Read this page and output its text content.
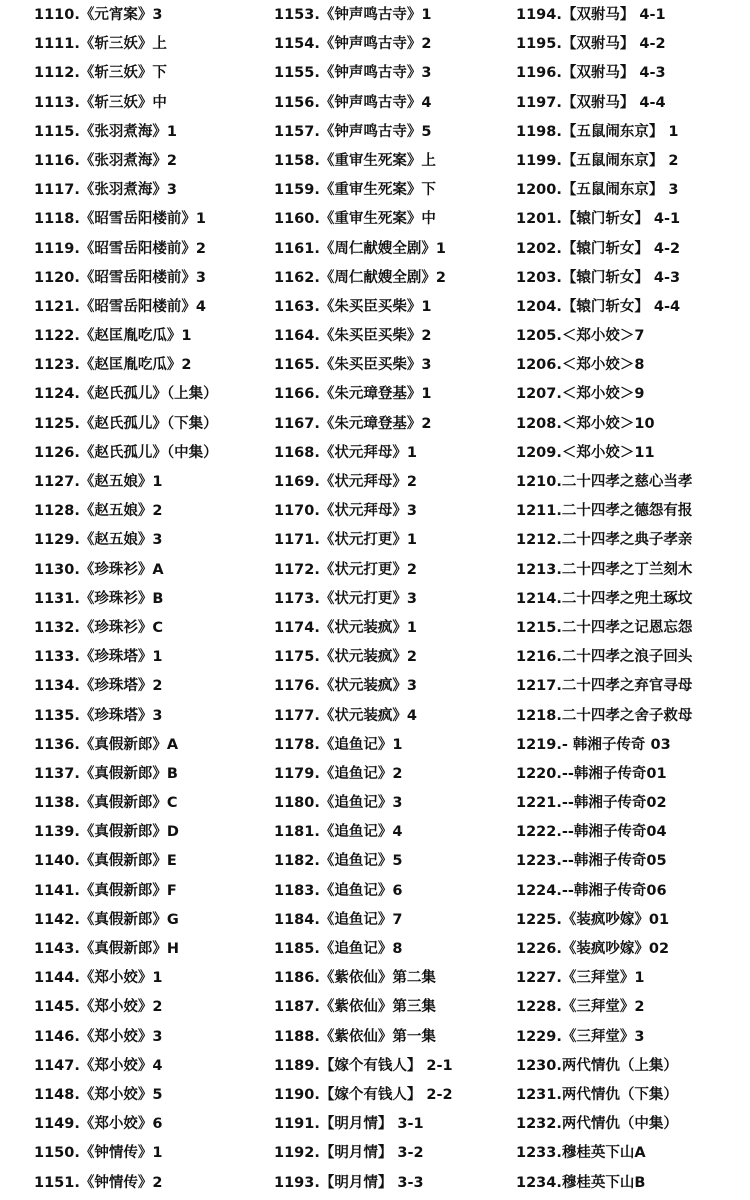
1110.《元宵案》3
1111.《斩三妖》上
1112.《斩三妖》下
1113.《斩三妖》中
1115.《张羽煮海》1
1116.《张羽煮海》2
1117.《张羽煮海》3
1118.《昭雪岳阳楼前》1
1119.《昭雪岳阳楼前》2
1120.《昭雪岳阳楼前》3
1121.《昭雪岳阳楼前》4
1122.《赵匡胤吃瓜》1
1123.《赵匡胤吃瓜》2
1124.《赵氏孤儿》（上集）
1125.《赵氏孤儿》（下集）
1126.《赵氏孤儿》（中集）
1127.《赵五娘》1
1128.《赵五娘》2
1129.《赵五娘》3
1130.《珍珠衫》A
1131.《珍珠衫》B
1132.《珍珠衫》C
1133.《珍珠塔》1
1134.《珍珠塔》2
1135.《珍珠塔》3
1136.《真假新郎》A
1137.《真假新郎》B
1138.《真假新郎》C
1139.《真假新郎》D
1140.《真假新郎》E
1141.《真假新郎》F
1142.《真假新郎》G
1143.《真假新郎》H
1144.《郑小姣》1
1145.《郑小姣》2
1146.《郑小姣》3
1147.《郑小姣》4
1148.《郑小姣》5
1149.《郑小姣》6
1150.《钟情传》1
1151.《钟情传》2
1153.《钟声鸣古寺》1
1154.《钟声鸣古寺》2
1155.《钟声鸣古寺》3
1156.《钟声鸣古寺》4
1157.《钟声鸣古寺》5
1158.《重审生死案》上
1159.《重审生死案》下
1160.《重审生死案》中
1161.《周仁献嫂全剧》1
1162.《周仁献嫂全剧》2
1163.《朱买臣买柴》1
1164.《朱买臣买柴》2
1165.《朱买臣买柴》3
1166.《朱元璋登基》1
1167.《朱元璋登基》2
1168.《状元拜母》1
1169.《状元拜母》2
1170.《状元拜母》3
1171.《状元打更》1
1172.《状元打更》2
1173.《状元打更》3
1174.《状元装疯》1
1175.《状元装疯》2
1176.《状元装疯》3
1177.《状元装疯》4
1178.《追鱼记》1
1179.《追鱼记》2
1180.《追鱼记》3
1181.《追鱼记》4
1182.《追鱼记》5
1183.《追鱼记》6
1184.《追鱼记》7
1185.《追鱼记》8
1186.《紫依仙》第二集
1187.《紫依仙》第三集
1188.《紫依仙》第一集
1189.【嫁个有钱人】 2-1
1190.【嫁个有钱人】 2-2
1191.【明月情】 3-1
1192.【明月情】 3-2
1193.【明月情】 3-3
1194.【双驸马】 4-1
1195.【双驸马】 4-2
1196.【双驸马】 4-3
1197.【双驸马】 4-4
1198.【五鼠闹东京】 1
1199.【五鼠闹东京】 2
1200.【五鼠闹东京】 3
1201.【辕门斩女】 4-1
1202.【辕门斩女】 4-2
1203.【辕门斩女】 4-3
1204.【辕门斩女】 4-4
1205.＜郑小姣＞7
1206.＜郑小姣＞8
1207.＜郑小姣＞9
1208.＜郑小姣＞10
1209.＜郑小姣＞11
1210.二十四孝之慈心当孝
1211.二十四孝之德怨有报
1212.二十四孝之典子孝亲
1213.二十四孝之丁兰刻木
1214.二十四孝之兜土琢坟
1215.二十四孝之记恩忘怨
1216.二十四孝之浪子回头
1217.二十四孝之弃官寻母
1218.二十四孝之舍子救母
1219.- 韩湘子传奇 03
1220.--韩湘子传奇01
1221.--韩湘子传奇02
1222.--韩湘子传奇04
1223.--韩湘子传奇05
1224.--韩湘子传奇06
1225.《装疯吵嫁》01
1226.《装疯吵嫁》02
1227.《三拜堂》1
1228.《三拜堂》2
1229.《三拜堂》3
1230.两代情仇（上集）
1231.两代情仇（下集）
1232.两代情仇（中集）
1233.穆桂英下山A
1234.穆桂英下山B
